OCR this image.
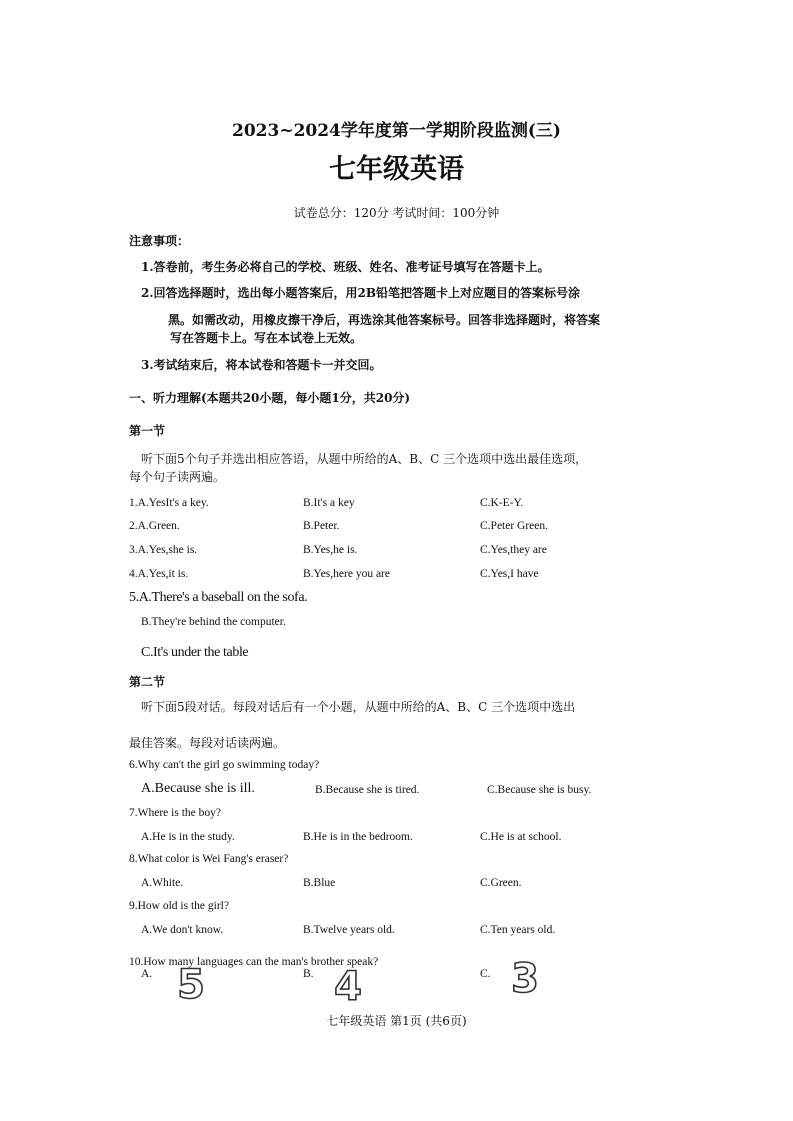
2023~2024学年度第一学期阶段监测(三)
七年级英语
试卷总分：120分 考试时间：100分钟
注意事项：
1.答卷前，考生务必将自己的学校、班级、姓名、准考证号填写在答题卡上。
2.回答选择题时，选出每小题答案后，用2B铅笔把答题卡上对应题目的答案标号涂
黑。如需改动，用橡皮擦干净后，再选涂其他答案标号。回答非选择题时，将答案
写在答题卡上。写在本试卷上无效。
3.考试结束后，将本试卷和答题卡一并交回。
一、听力理解(本题共20小题，每小题1分，共20分)
第一节
听下面5个句子并选出相应答语，从题中所给的A、B、C 三个选项中选出最佳选项，
每个句子读两遍。
1.A.YesIt's a key.	B.It's a key	C.K-E-Y.
2.A.Green.	B.Peter.	C.Peter Green.
3.A.Yes,she is.	B.Yes,he is.	C.Yes,they are
4.A.Yes,it is.	B.Yes,here you are	C.Yes,I have
5.A.There's a baseball on the sofa.
B.They're behind the computer.
C.It's under the table
第二节
听下面5段对话。每段对话后有一个小题，从题中所给的A、B、C 三个选项中选出
最佳答案。每段对话读两遍。
6.Why can't the girl go swimming today?
A.Because she is ill.	B.Because she is tired.	C.Because she is busy.
7.Where is the boy?
A.He is in the study.	B.He is in the bedroom.	C.He is at school.
8.What color is Wei Fang's eraser?
A.White.	B.Blue	C.Green.
9.How old is the girl?
A.We don't know.	B.Twelve years old.	C.Ten years old.
10.How many languages can the man's brother speak?
A.	B.	C.
5	4	3
七年级英语 第1页 (共6页)
